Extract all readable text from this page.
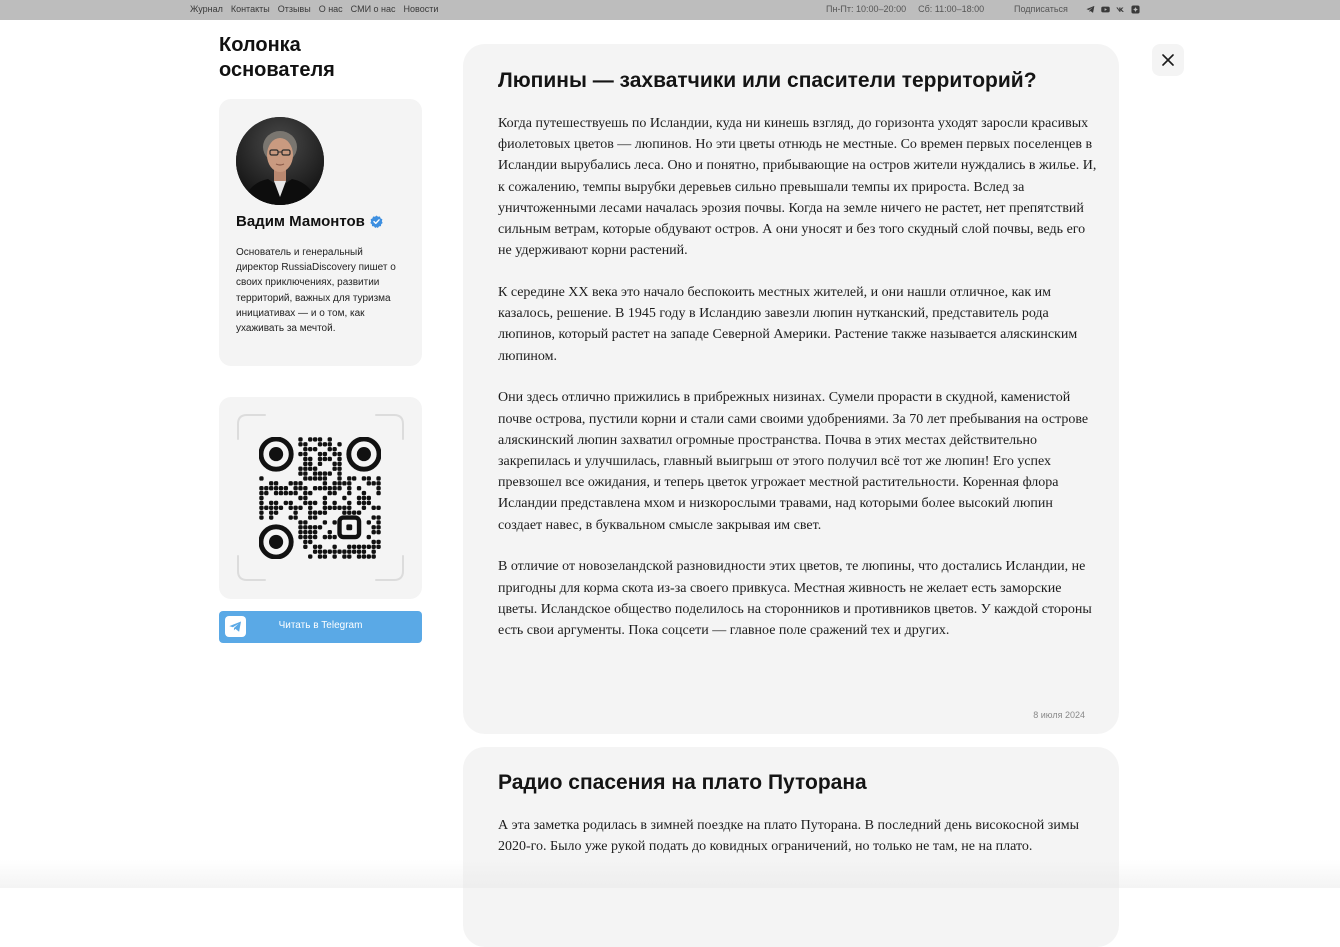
Журнал Контакты Отзывы О нас СМИ о нас Новости	Пн-Пт: 10:00–20:00 Сб: 11:00–18:00	Подписаться
Колонка основателя
Вадим Мамонтов
Основатель и генеральный директор RussiaDiscovery пишет о своих приключениях, развитии территорий, важных для туризма инициативах — и о том, как ухаживать за мечтой.
Читать в Telegram
Люпины — захватчики или спасители территорий?

Когда путешествуешь по Исландии, куда ни кинешь взгляд, до горизонта уходят заросли красивых фиолетовых цветов — люпинов. Но эти цветы отнюдь не местные. Со времен первых поселенцев в Исландии вырубались леса. Оно и понятно, прибывающие на остров жители нуждались в жилье. И, к сожалению, темпы вырубки деревьев сильно превышали темпы их прироста. Вслед за уничтоженными лесами началась эрозия почвы. Когда на земле ничего не растет, нет препятствий сильным ветрам, которые обдувают остров. А они уносят и без того скудный слой почвы, ведь его не удерживают корни растений.

К середине XX века это начало беспокоить местных жителей, и они нашли отличное, как им казалось, решение. В 1945 году в Исландию завезли люпин нутканский, представитель рода люпинов, который растет на западе Северной Америки. Растение также называется аляскинским люпином.

Они здесь отлично прижились в прибрежных низинах. Сумели прорасти в скудной, каменистой почве острова, пустили корни и стали сами своими удобрениями. За 70 лет пребывания на острове аляскинский люпин захватил огромные пространства. Почва в этих местах действительно закрепилась и улучшилась, главный выигрыш от этого получил всё тот же люпин! Его успех превзошел все ожидания, и теперь цветок угрожает местной растительности. Коренная флора Исландии представлена мхом и низкорослыми травами, над которыми более высокий люпин создает навес, в буквальном смысле закрывая им свет.

В отличие от новозеландской разновидности этих цветов, те люпины, что достались Исландии, не пригодны для корма скота из-за своего привкуса. Местная живность не желает есть заморские цветы. Исландское общество поделилось на сторонников и противников цветов. У каждой стороны есть свои аргументы. Пока соцсети — главное поле сражений тех и других.

8 июля 2024
Радио спасения на плато Путорана

А эта заметка родилась в зимней поездке на плато Путорана. В последний день високосной зимы 2020-го. Было уже рукой подать до ковидных ограничений, но только не там, не на плато.
